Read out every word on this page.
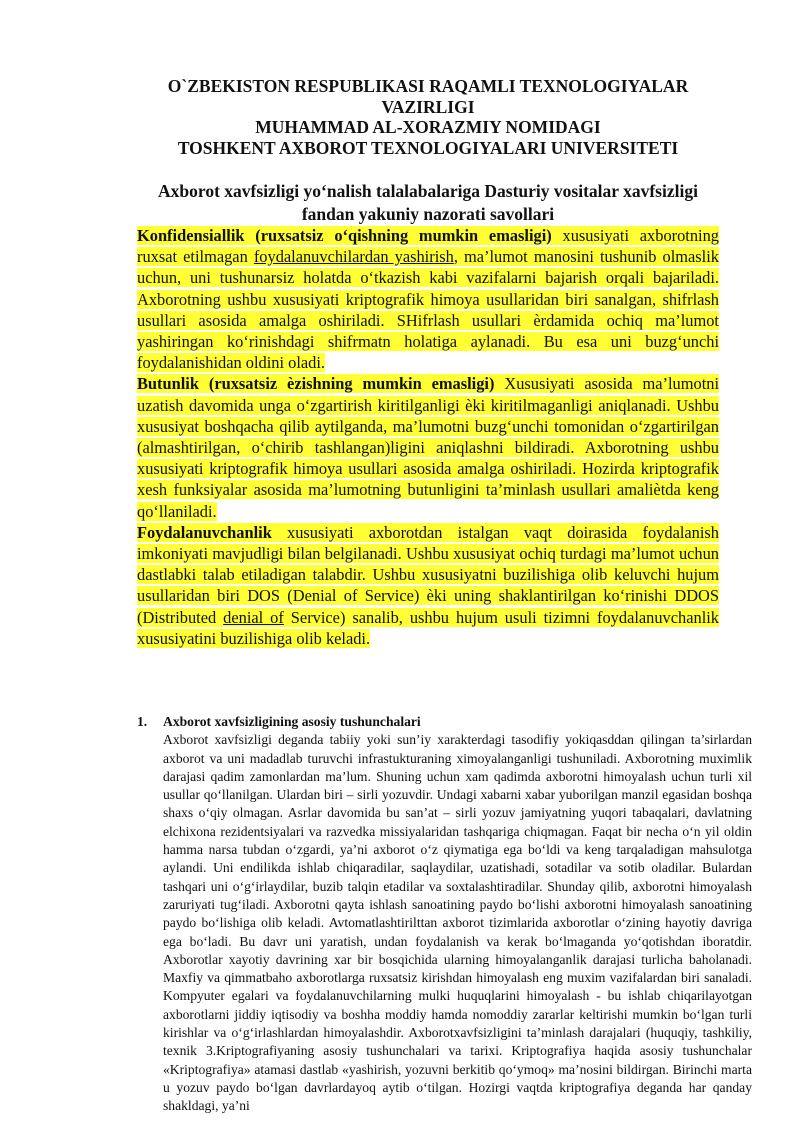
O`ZBEKISTON RESPUBLIKASI RAQAMLI TEXNOLOGIYALAR VAZIRLIGI
MUHAMMAD AL-XORAZMIY NOMIDAGI
TOSHKENT AXBOROT TEXNOLOGIYALARI UNIVERSITETI
Axborot xavfsizligi yo‘nalish talalabalariga Dasturiy vositalar xavfsizligi fandan yakuniy nazorati savollari

Konfidensiallik (ruxsatsiz o‘qishning mumkin emasligi) xususiyati axborotning ruxsat etilmagan foydalanuvchilardan yashirish, ma’lumot manosini tushunib olmaslik uchun, uni tushunarsiz holatda o‘tkazish kabi vazifalarni bajarish orqali bajariladi. Axborotning ushbu xususiyati kriptografik himoya usullaridan biri sanalgan, shifrlash usullari asosida amalga oshiriladi. SHifrlash usullari ѐrdamida ochiq ma’lumot yashiringan ko‘rinishdagi shifrmatn holatiga aylanadi. Bu esa uni buzg‘unchi foydalanishidan oldini oladi.

Butunlik (ruxsatsiz ѐzishning mumkin emasligi) Xususiyati asosida ma’lumotni uzatish davomida unga o‘zgartirish kiritilganligi ѐki kiritilmaganligi aniqlanadi. Ushbu xususiyat boshqacha qilib aytilganda, ma’lumotni buzg‘unchi tomonidan o‘zgartirilgan (almashtirilgan, o‘chirib tashlangan)ligini aniqlashni bildiradi. Axborotning ushbu xususiyati kriptografik himoya usullari asosida amalga oshiriladi. Hozirda kriptografik xesh funksiyalar asosida ma’lumotning butunligini ta’minlash usullari amaliѐtda keng qo‘llaniladi.

Foydalanuvchanlik xususiyati axborotdan istalgan vaqt doirasida foydalanish imkoniyati mavjudligi bilan belgilanadi. Ushbu xususiyat ochiq turdagi ma’lumot uchun dastlabki talab etiladigan talabdir. Ushbu xususiyatni buzilishiga olib keluvchi hujum usullaridan biri DOS (Denial of Service) ѐki uning shaklantirilgan ko‘rinishi DDOS (Distributed denial of Service) sanalib, ushbu hujum usuli tizimni foydalanuvchanlik xususiyatini buzilishiga olib keladi.

1. Axborot xavfsizligining asosiy tushunchalari

Axborot xavfsizligi deganda tabiiy yoki sun’iy xarakterdagi tasodifiy yokiqasddan qilingan ta’sirlardan axborot va uni madadlab turuvchi infrastukturaning ximoyalanganligi tushuniladi. Axborotning muximlik darajasi qadim zamonlardan ma’lum. Shuning uchun xam qadimda axborotni himoyalash uchun turli xil usullar qo‘llanilgan. Ulardan biri – sirli yozuvdir. Undagi xabarni xabar yuborilgan manzil egasidan boshqa shaxs o‘qiy olmagan. Asrlar davomida bu san’at – sirli yozuv jamiyatning yuqori tabaqalari, davlatning elchixona rezidentsiyalari va razvedka missiyalaridan tashqariga chiqmagan. Faqat bir necha o‘n yil oldin hamma narsa tubdan o‘zgardi, ya’ni axborot o‘z qiymatiga ega bo‘ldi va keng tarqaladigan mahsulotga aylandi. Uni endilikda ishlab chiqaradilar, saqlaydilar, uzatishadi, sotadilar va sotib oladilar. Bulardan tashqari uni o‘g‘irlaydilar, buzib talqin etadilar va soxtalashtiradilar. Shunday qilib, axborotni himoyalash zaruriyati tug‘iladi. Axborotni qayta ishlash sanoatining paydo bo‘lishi axborotni himoyalash sanoatining paydo bo‘lishiga olib keladi. Avtomatlashtirilttan axborot tizimlarida axborotlar o‘zining hayotiy davriga ega bo‘ladi. Bu davr uni yaratish, undan foydalanish va kerak bo‘lmaganda yo‘qotishdan iboratdir. Axborotlar xayotiy davrining xar bir bosqichida ularning himoyalanganlik darajasi turlicha baholanadi. Maxfiy va qimmatbaho axborotlarga ruxsatsiz kirishdan himoyalash eng muxim vazifalardan biri sanaladi. Kompyuter egalari va foydalanuvchilarning mulki huquqlarini himoyalash - bu ishlab chiqarilayotgan axborotlarni jiddiy iqtisodiy va boshha moddiy hamda nomoddiy zararlar keltirishi mumkin bo‘lgan turli kirishlar va o‘g‘irlashlardan himoyalashdir. Axborotxavfsizligini ta’minlash darajalari (huquqiy, tashkiliy, texnik 3.Kriptografiyaning asosiy tushunchalari va tarixi. Kriptografiya haqida asosiy tushunchalar «Kriptografiya» atamasi dastlab «yashirish, yozuvni berkitib qo‘ymoq» ma’nosini bildirgan. Birinchi marta u yozuv paydo bo‘lgan davrlardayoq aytib o‘tilgan. Hozirgi vaqtda kriptografiya deganda har qanday shakldagi, ya’ni
